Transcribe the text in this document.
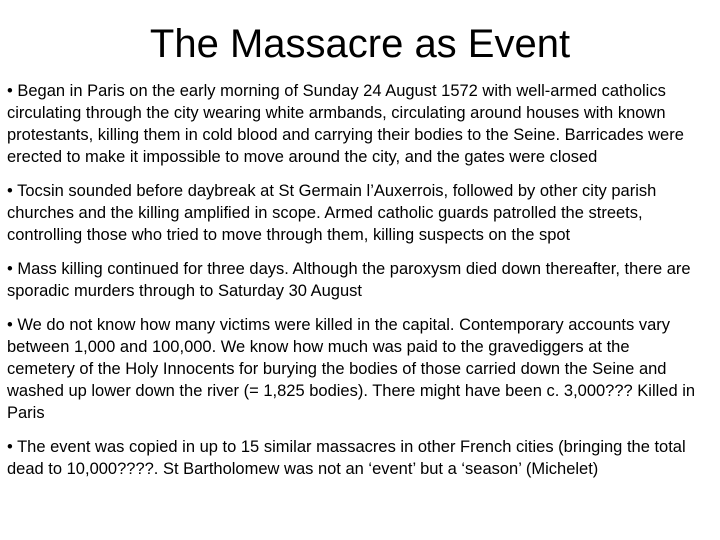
The Massacre as Event
• Began in Paris on the early morning of Sunday 24 August 1572 with well-armed catholics circulating through the city wearing white armbands, circulating around houses with known protestants, killing them in cold blood and carrying their bodies to the Seine. Barricades were erected to make it impossible to move around the city, and the gates were closed
• Tocsin sounded before daybreak at St Germain l’Auxerrois, followed by other city parish churches and the killing amplified in scope. Armed catholic guards patrolled the streets, controlling those who tried to move through them, killing suspects on the spot
• Mass killing continued for three days. Although the paroxysm died down thereafter, there are sporadic murders through to Saturday 30 August
• We do not know how many victims were killed in the capital. Contemporary accounts vary between 1,000 and 100,000. We know how much was paid to the gravediggers at the cemetery of the Holy Innocents for burying the bodies of those carried down the Seine and washed up lower down the river (= 1,825 bodies). There might have been c. 3,000??? Killed in Paris
• The event was copied in up to 15 similar massacres in other French cities (bringing the total dead to 10,000????. St Bartholomew was not an ‘event’ but a ‘season’ (Michelet)
